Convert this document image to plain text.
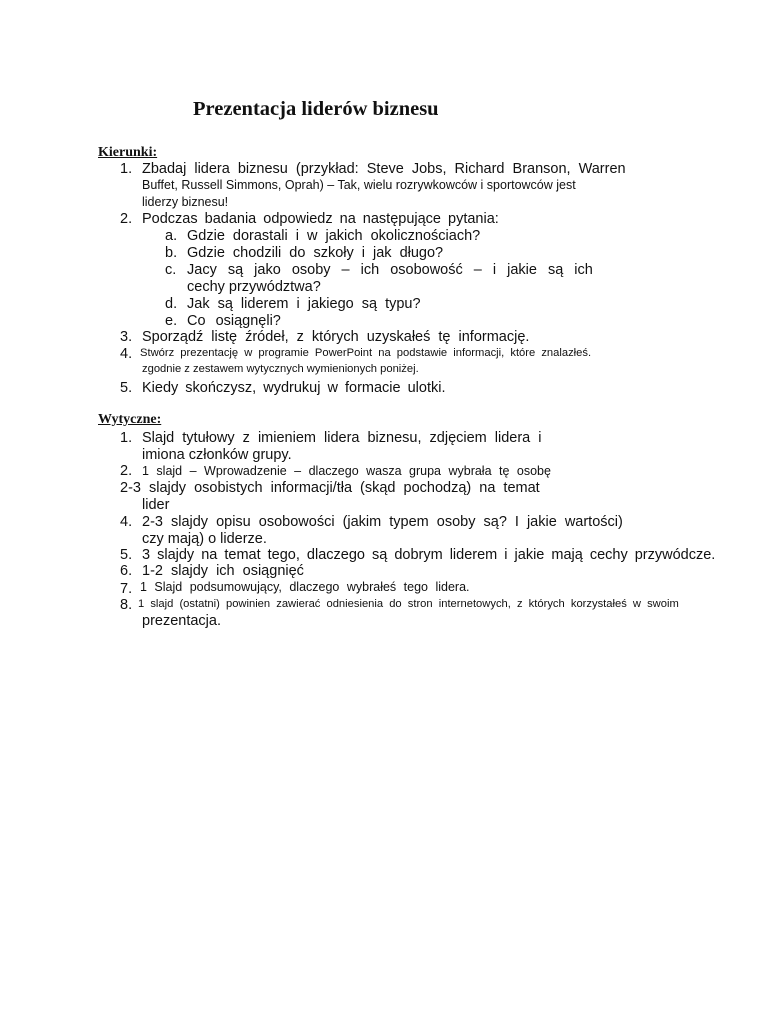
Prezentacja liderów biznesu
Kierunki:
1. Zbadaj lidera biznesu (przykład: Steve Jobs, Richard Branson, Warren
Buffet, Russell Simmons, Oprah) – Tak, wielu rozrywkowców i sportowców jest
liderzy biznesu!
2. Podczas badania odpowiedz na następujące pytania:
a. Gdzie dorastali i w jakich okolicznościach?
b. Gdzie chodzili do szkoły i jak długo?
c. Jacy są jako osoby – ich osobowość – i jakie są ich
cechy przywództwa?
d. Jak są liderem i jakiego są typu?
e. Co osiągnęli?
3. Sporządź listę źródeł, z których uzyskałeś tę informację.
4. Stwórz prezentację w programie PowerPoint na podstawie informacji, które znalazłeś.
zgodnie z zestawem wytycznych wymienionych poniżej.
5. Kiedy skończysz, wydrukuj w formacie ulotki.
Wytyczne:
1. Slajd tytułowy z imieniem lidera biznesu, zdjęciem lidera i
imiona członków grupy.
2. 1 slajd – Wprowadzenie – dlaczego wasza grupa wybrała tę osobę
2-3 slajdy osobistych informacji/tła (skąd pochodzą) na temat
lider
4. 2-3 slajdy opisu osobowości (jakim typem osoby są? I jakie wartości)
czy mają) o liderze.
5. 3 slajdy na temat tego, dlaczego są dobrym liderem i jakie mają cechy przywódcze.
6. 1-2 slajdy ich osiągnięć
7. 1 Slajd podsumowujący, dlaczego wybrałeś tego lidera.
8. 1 slajd (ostatni) powinien zawierać odniesienia do stron internetowych, z których korzystałeś w swoim
prezentacja.
